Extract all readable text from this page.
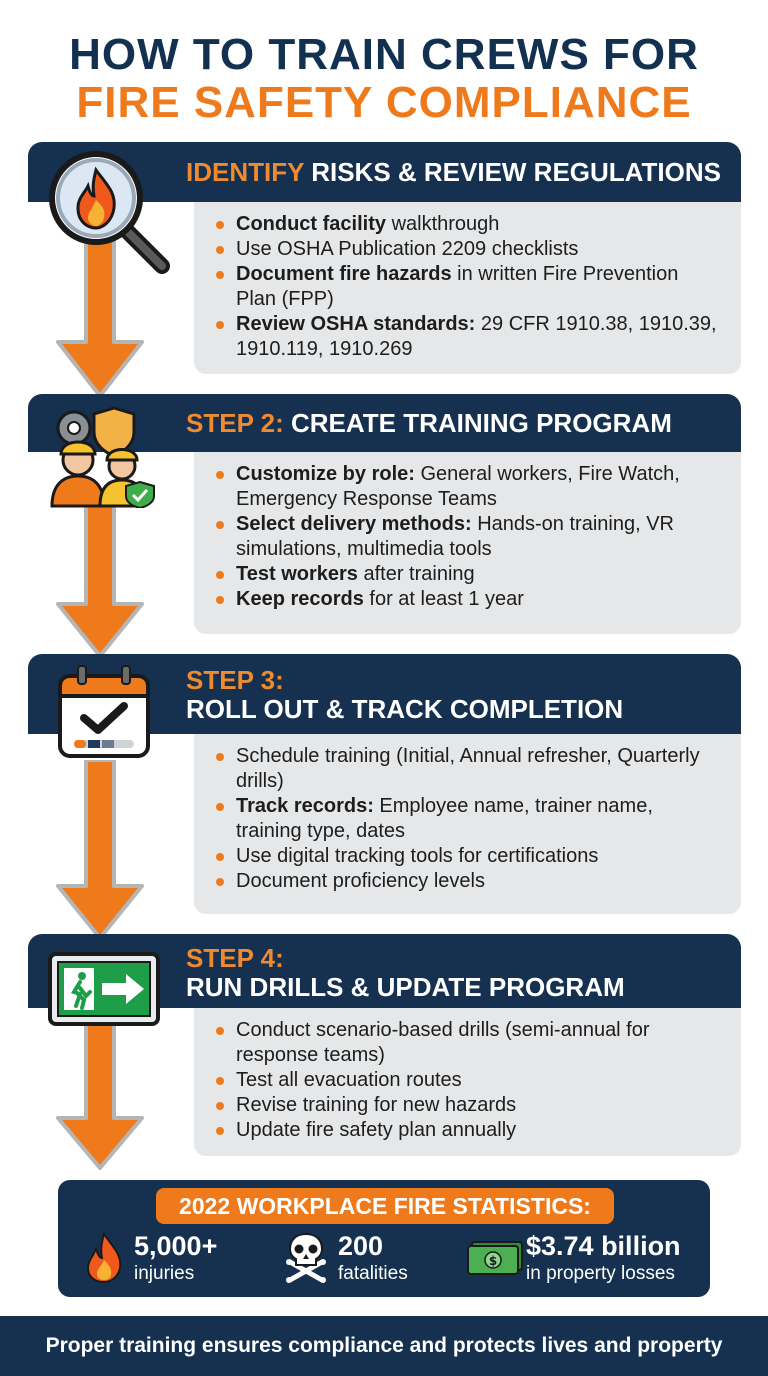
HOW TO TRAIN CREWS FOR
FIRE SAFETY COMPLIANCE
IDENTIFY RISKS & REVIEW REGULATIONS
Conduct facility walkthrough
Use OSHA Publication 2209 checklists
Document fire hazards in written Fire Prevention Plan (FPP)
Review OSHA standards: 29 CFR 1910.38, 1910.39, 1910.119, 1910.269
STEP 2: CREATE TRAINING PROGRAM
Customize by role: General workers, Fire Watch, Emergency Response Teams
Select delivery methods: Hands-on training, VR simulations, multimedia tools
Test workers after training
Keep records for at least 1 year
STEP 3:
ROLL OUT & TRACK COMPLETION
Schedule training (Initial, Annual refresher, Quarterly drills)
Track records: Employee name, trainer name, training type, dates
Use digital tracking tools for certifications
Document proficiency levels
STEP 4:
RUN DRILLS & UPDATE PROGRAM
Conduct scenario-based drills (semi-annual for response teams)
Test all evacuation routes
Revise training for new hazards
Update fire safety plan annually
2022 WORKPLACE FIRE STATISTICS:
5,000+
injuries
200
fatalities
$ $3.74 billion
in property losses
Proper training ensures compliance and protects lives and property
